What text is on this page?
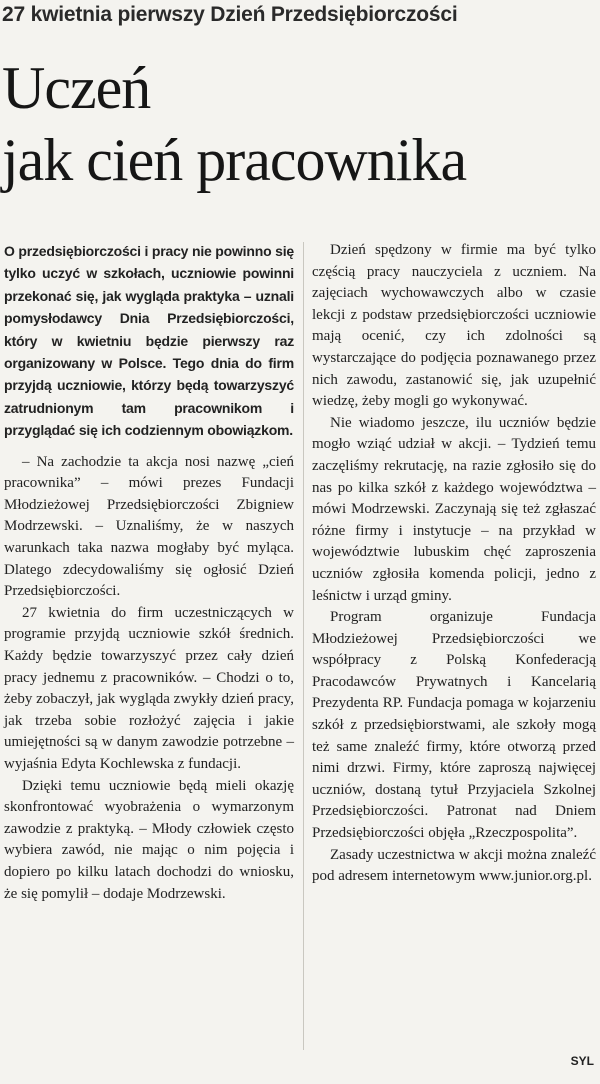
27 kwietnia pierwszy Dzień Przedsiębiorczości
Uczeń
jak cień pracownika

O przedsiębiorczości i pracy nie powinno się tylko uczyć w szkołach, uczniowie powinni przekonać się, jak wygląda praktyka – uznali pomysłodawcy Dnia Przedsiębiorczości, który w kwietniu będzie pierwszy raz organizowany w Polsce. Tego dnia do firm przyjdą uczniowie, którzy będą towarzyszyć zatrudnionym tam pracownikom i przyglądać się ich codziennym obowiązkom.

– Na zachodzie ta akcja nosi nazwę „cień pracownika” – mówi prezes Fundacji Młodzieżowej Przedsiębiorczości Zbigniew Modrzewski. – Uznaliśmy, że w naszych warunkach taka nazwa mogłaby być myląca. Dlatego zdecydowaliśmy się ogłosić Dzień Przedsiębiorczości.

27 kwietnia do firm uczestniczących w programie przyjdą uczniowie szkół średnich. Każdy będzie towarzyszyć przez cały dzień pracy jednemu z pracowników. – Chodzi o to, żeby zobaczył, jak wygląda zwykły dzień pracy, jak trzeba sobie rozłożyć zajęcia i jakie umiejętności są w danym zawodzie potrzebne – wyjaśnia Edyta Kochlewska z fundacji.

Dzięki temu uczniowie będą mieli okazję skonfrontować wyobrażenia o wymarzonym zawodzie z praktyką. – Młody człowiek często wybiera zawód, nie mając o nim pojęcia i dopiero po kilku latach dochodzi do wniosku, że się pomylił – dodaje Modrzewski.

Dzień spędzony w firmie ma być tylko częścią pracy nauczyciela z uczniem. Na zajęciach wychowawczych albo w czasie lekcji z podstaw przedsiębiorczości uczniowie mają ocenić, czy ich zdolności są wystarczające do podjęcia poznawanego przez nich zawodu, zastanowić się, jak uzupełnić wiedzę, żeby mogli go wykonywać.

Nie wiadomo jeszcze, ilu uczniów będzie mogło wziąć udział w akcji. – Tydzień temu zaczęliśmy rekrutację, na razie zgłosiło się do nas po kilka szkół z każdego województwa – mówi Modrzewski. Zaczynają się też zgłaszać różne firmy i instytucje – na przykład w województwie lubuskim chęć zaproszenia uczniów zgłosiła komenda policji, jedno z leśnictw i urząd gminy.

Program organizuje Fundacja Młodzieżowej Przedsiębiorczości we współpracy z Polską Konfederacją Pracodawców Prywatnych i Kancelarią Prezydenta RP. Fundacja pomaga w kojarzeniu szkół z przedsiębiorstwami, ale szkoły mogą też same znaleźć firmy, które otworzą przed nimi drzwi. Firmy, które zaproszą najwięcej uczniów, dostaną tytuł Przyjaciela Szkolnej Przedsiębiorczości. Patronat nad Dniem Przedsiębiorczości objęła „Rzeczpospolita”.

Zasady uczestnictwa w akcji można znaleźć pod adresem internetowym www.junior.org.pl.

SYL
